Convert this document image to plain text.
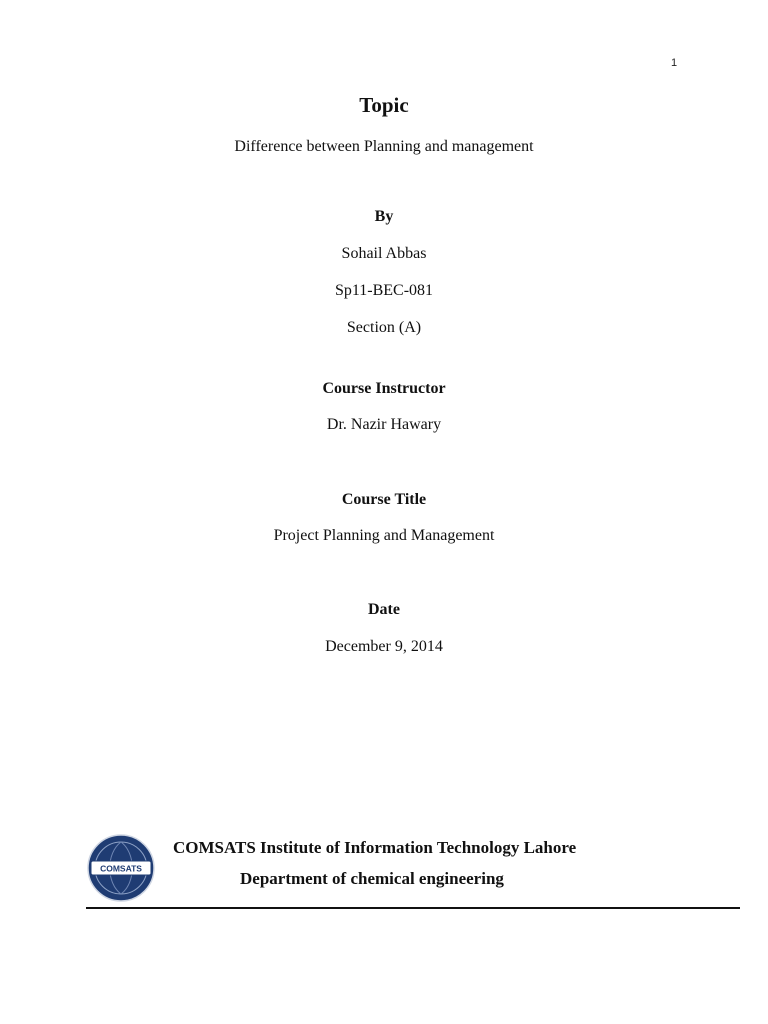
1
Topic
Difference between Planning and management
By
Sohail Abbas
Sp11-BEC-081
Section (A)
Course Instructor
Dr. Nazir Hawary
Course Title
Project Planning and Management
Date
December 9, 2014
COMSATS
COMSATS Institute of Information Technology Lahore
Department of chemical engineering
